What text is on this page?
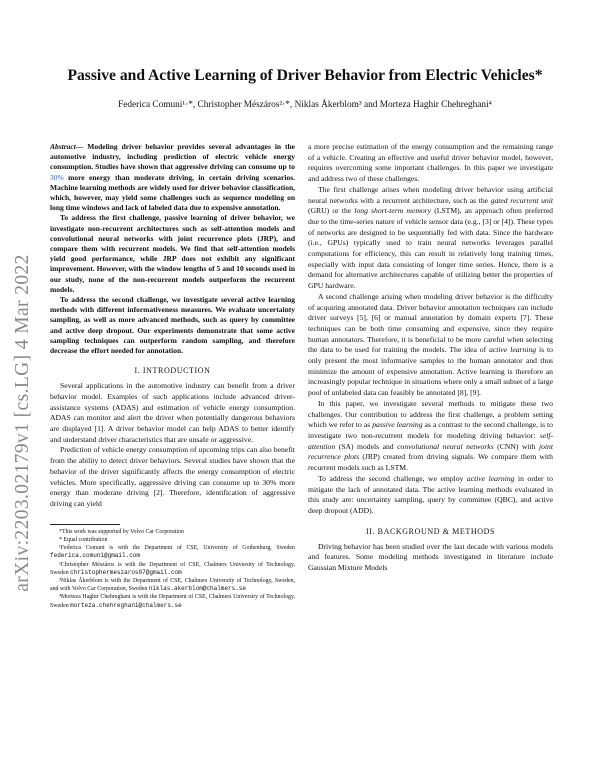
arXiv:2203.02179v1 [cs.LG] 4 Mar 2022
Passive and Active Learning of Driver Behavior from Electric Vehicles*

Federica Comuni¹·*, Christopher Mészáros²·*, Niklas Åkerblom³ and Morteza Haghir Chehreghani⁴

Abstract— Modeling driver behavior provides several advantages in the automotive industry, including prediction of electric vehicle energy consumption. Studies have shown that aggressive driving can consume up to 30% more energy than moderate driving, in certain driving scenarios. Machine learning methods are widely used for driver behavior classification, which, however, may yield some challenges such as sequence modeling on long time windows and lack of labeled data due to expensive annotation.

To address the first challenge, passive learning of driver behavior, we investigate non-recurrent architectures such as self-attention models and convolutional neural networks with joint recurrence plots (JRP), and compare them with recurrent models. We find that self-attention models yield good performance, while JRP does not exhibit any significant improvement. However, with the window lengths of 5 and 10 seconds used in our study, none of the non-recurrent models outperform the recurrent models.

To address the second challenge, we investigate several active learning methods with different informativeness measures. We evaluate uncertainty sampling, as well as more advanced methods, such as query by committee and active deep dropout. Our experiments demonstrate that some active sampling techniques can outperform random sampling, and therefore decrease the effort needed for annotation.

I. INTRODUCTION

Several applications in the automotive industry can benefit from a driver behavior model. Examples of such applications include advanced driver-assistance systems (ADAS) and estimation of vehicle energy consumption. ADAS can monitor and alert the driver when potentially dangerous behaviors are displayed [1]. A driver behavior model can help ADAS to better identify and understand driver characteristics that are unsafe or aggressive.

Prediction of vehicle energy consumption of upcoming trips can also benefit from the ability to detect driver behaviors. Several studies have shown that the behavior of the driver significantly affects the energy consumption of electric vehicles. More specifically, aggressive driving can consume up to 30% more energy than moderate driving [2]. Therefore, identification of aggressive driving can yield

*This work was supported by Volvo Car Corporation

* Equal contribution

¹Federica Comuni is with the Department of CSE, University of Gothenburg, Sweden federica.comuni@gmail.com

²Christopher Mészáros is with the Department of CSE, Chalmers University of Technology, Sweden christophermeszaros07@gmail.com

³Niklas Åkerblom is with the Department of CSE, Chalmers University of Technology, Sweden, and with Volvo Car Corporation, Sweden niklas.akerblom@chalmers.se

⁴Morteza Haghir Chehreghani is with the Department of CSE, Chalmers University of Technology, Sweden morteza.chehreghani@chalmers.se

a more precise estimation of the energy consumption and the remaining range of a vehicle. Creating an effective and useful driver behavior model, however, requires overcoming some important challenges. In this paper we investigate and address two of these challenges.

The first challenge arises when modeling driver behavior using artificial neural networks with a recurrent architecture, such as the gated recurrent unit (GRU) or the long short-term memory (LSTM), an approach often preferred due to the time-series nature of vehicle sensor data (e.g., [3] or [4]). These types of networks are designed to be sequentially fed with data. Since the hardware (i.e., GPUs) typically used to train neural networks leverages parallel computations for efficiency, this can result in relatively long training times, especially with input data consisting of longer time series. Hence, there is a demand for alternative architectures capable of utilizing better the properties of GPU hardware.

A second challenge arising when modeling driver behavior is the difficulty of acquiring annotated data. Driver behavior annotation techniques can include driver surveys [5], [6] or manual annotation by domain experts [7]. These techniques can be both time consuming and expensive, since they require human annotators. Therefore, it is beneficial to be more careful when selecting the data to be used for training the models. The idea of active learning is to only present the most informative samples to the human annotator and thus minimize the amount of expensive annotation. Active learning is therefore an increasingly popular technique in situations where only a small subset of a large pool of unlabeled data can feasibly be annotated [8], [9].

In this paper, we investigate several methods to mitigate these two challenges. Our contribution to address the first challenge, a problem setting which we refer to as passive learning as a contrast to the second challenge, is to investigate two non-recurrent models for modeling driving behavior: self-attention (SA) models and convolutional neural networks (CNN) with joint recurrence plots (JRP) created from driving signals. We compare them with recurrent models such as LSTM.

To address the second challenge, we employ active learning in order to mitigate the lack of annotated data. The active learning methods evaluated in this study are: uncertainty sampling, query by committee (QBC), and active deep dropout (ADD).

II. BACKGROUND & METHODS

Driving behavior has been studied over the last decade with various models and features. Some modeling methods investigated in literature include Gaussian Mixture Models
